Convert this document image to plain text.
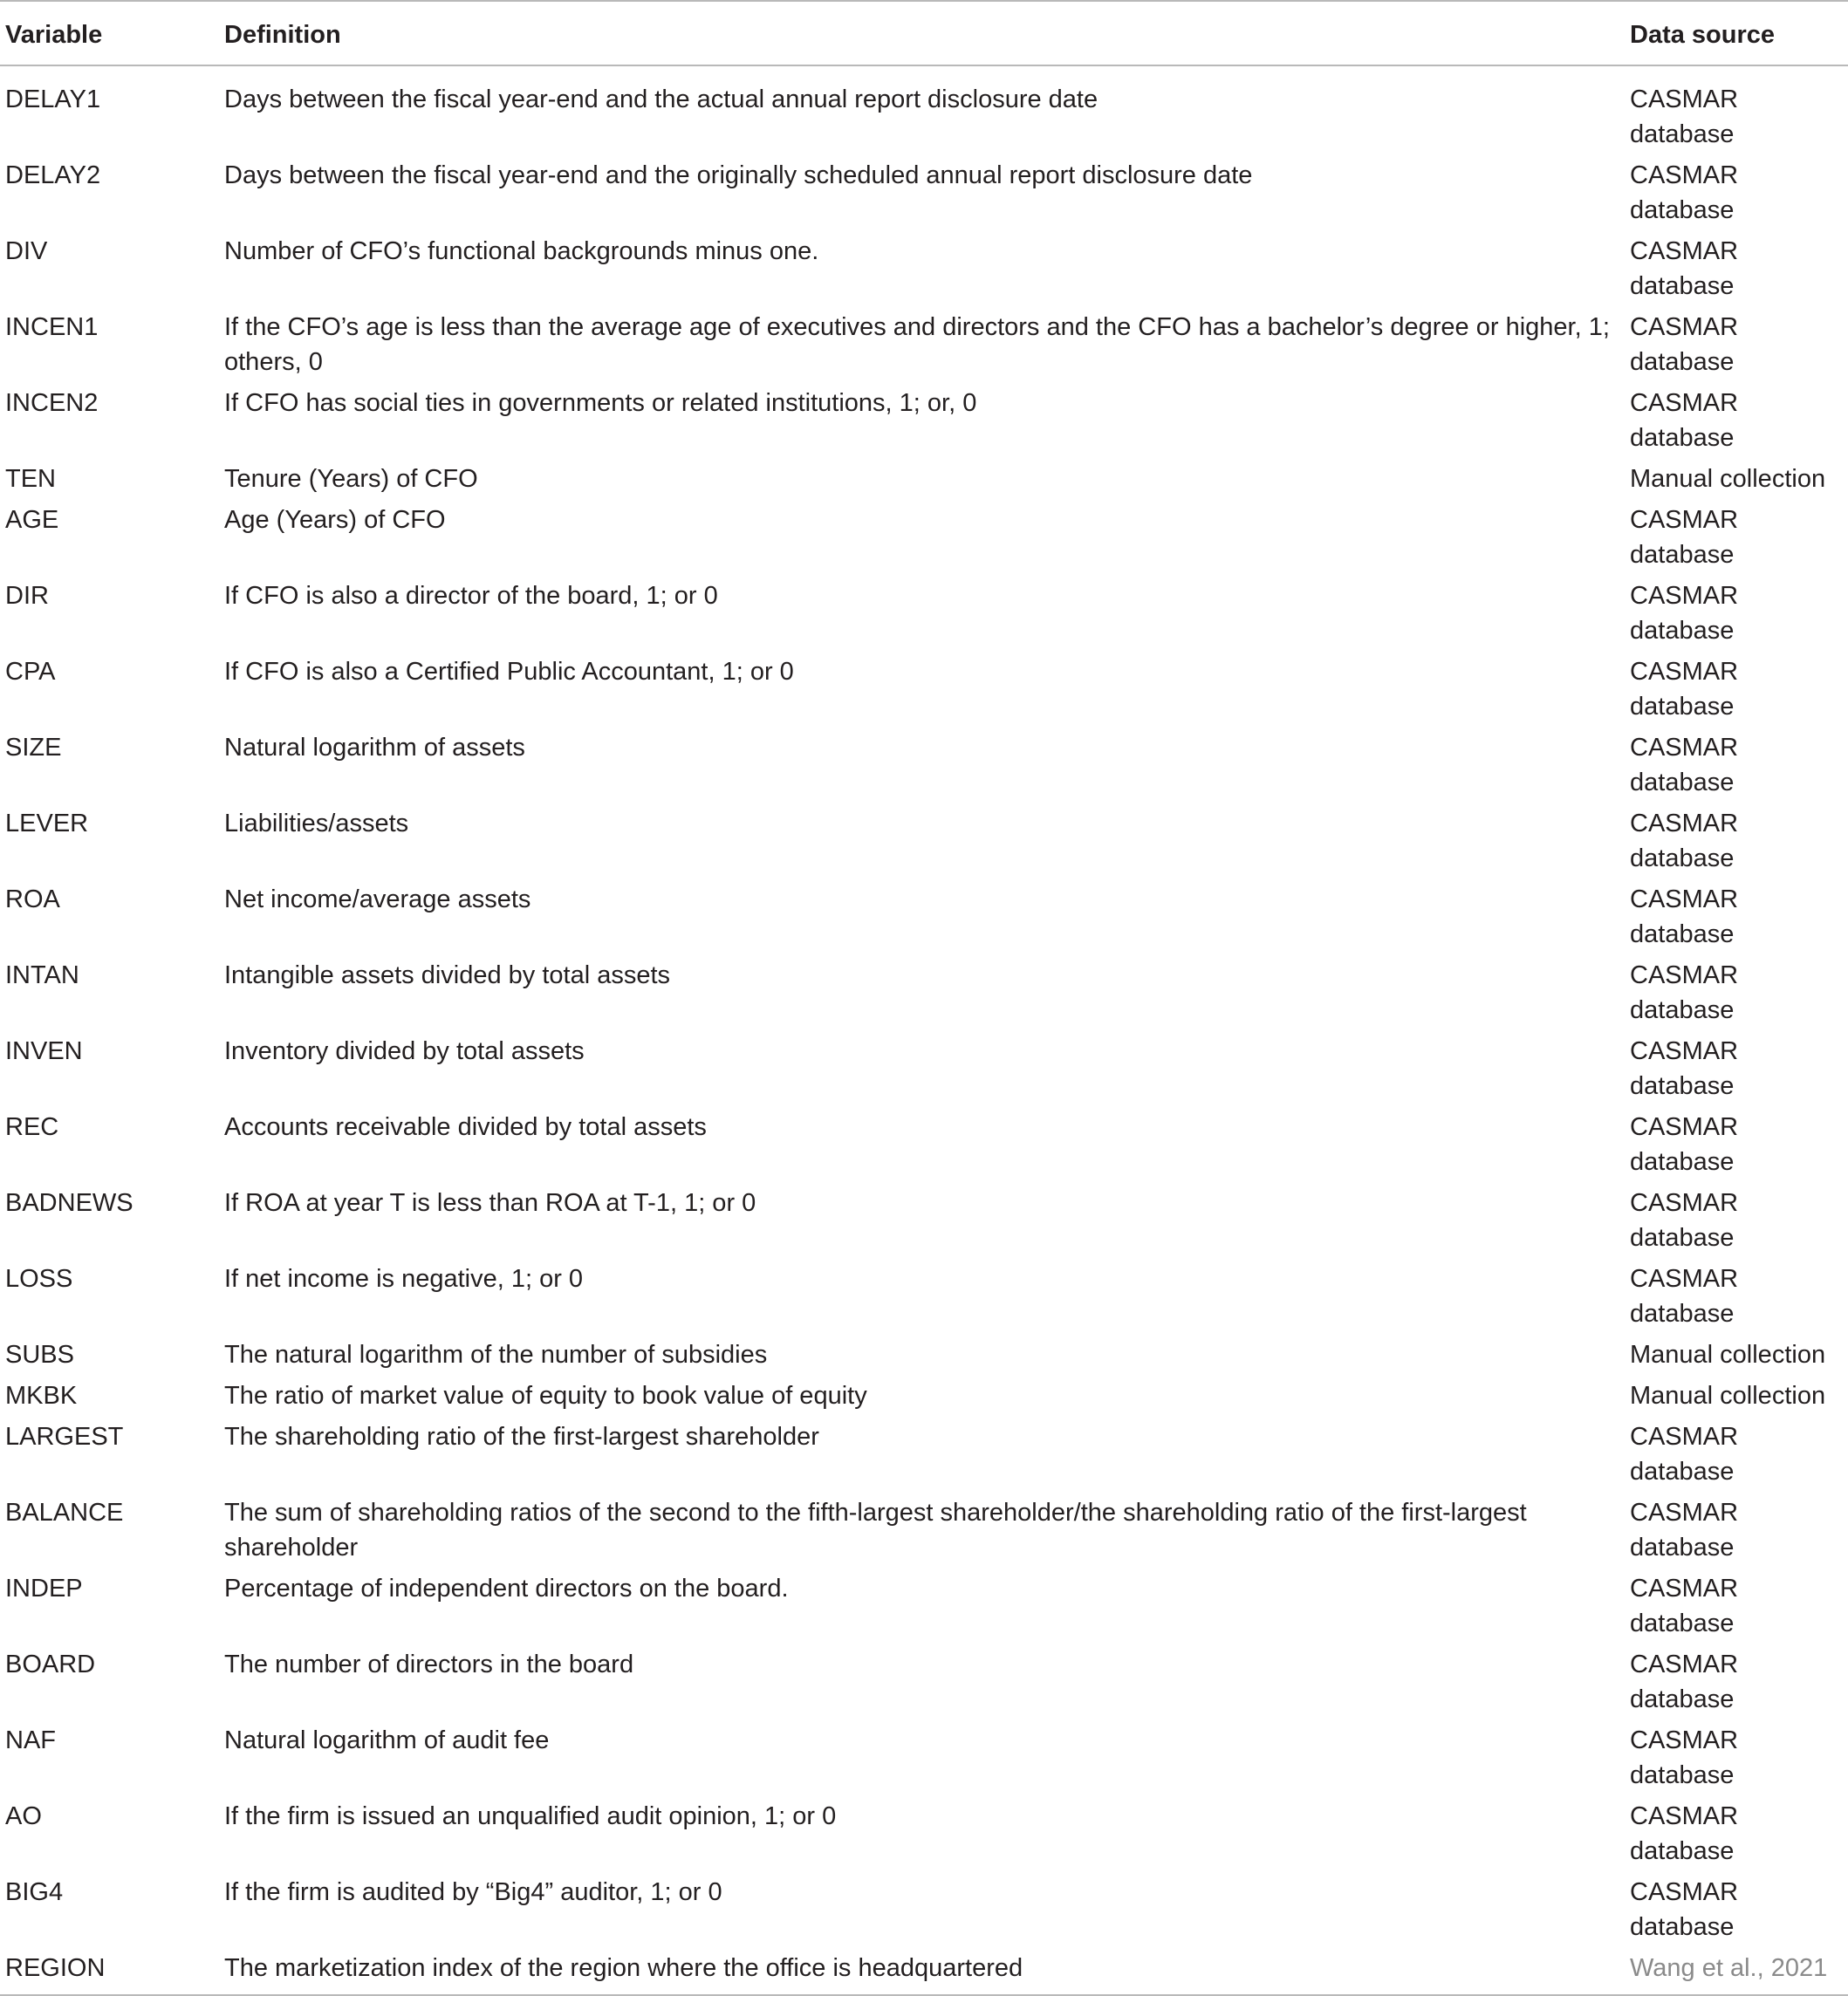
Variable	Definition	Data source
DELAY1	Days between the fiscal year-end and the actual annual report disclosure date	CASMAR database
DELAY2	Days between the fiscal year-end and the originally scheduled annual report disclosure date	CASMAR database
DIV	Number of CFO’s functional backgrounds minus one.	CASMAR database
INCEN1	If the CFO’s age is less than the average age of executives and directors and the CFO has a bachelor’s degree or higher, 1; others, 0	CASMAR database
INCEN2	If CFO has social ties in governments or related institutions, 1; or, 0	CASMAR database
TEN	Tenure (Years) of CFO	Manual collection
AGE	Age (Years) of CFO	CASMAR database
DIR	If CFO is also a director of the board, 1; or 0	CASMAR database
CPA	If CFO is also a Certified Public Accountant, 1; or 0	CASMAR database
SIZE	Natural logarithm of assets	CASMAR database
LEVER	Liabilities/assets	CASMAR database
ROA	Net income/average assets	CASMAR database
INTAN	Intangible assets divided by total assets	CASMAR database
INVEN	Inventory divided by total assets	CASMAR database
REC	Accounts receivable divided by total assets	CASMAR database
BADNEWS	If ROA at year T is less than ROA at T-1, 1; or 0	CASMAR database
LOSS	If net income is negative, 1; or 0	CASMAR database
SUBS	The natural logarithm of the number of subsidies	Manual collection
MKBK	The ratio of market value of equity to book value of equity	Manual collection
LARGEST	The shareholding ratio of the first-largest shareholder	CASMAR database
BALANCE	The sum of shareholding ratios of the second to the fifth-largest shareholder/the shareholding ratio of the first-largest shareholder	CASMAR database
INDEP	Percentage of independent directors on the board.	CASMAR database
BOARD	The number of directors in the board	CASMAR database
NAF	Natural logarithm of audit fee	CASMAR database
AO	If the firm is issued an unqualified audit opinion, 1; or 0	CASMAR database
BIG4	If the firm is audited by “Big4” auditor, 1; or 0	CASMAR database
REGION	The marketization index of the region where the office is headquartered	Wang et al., 2021
